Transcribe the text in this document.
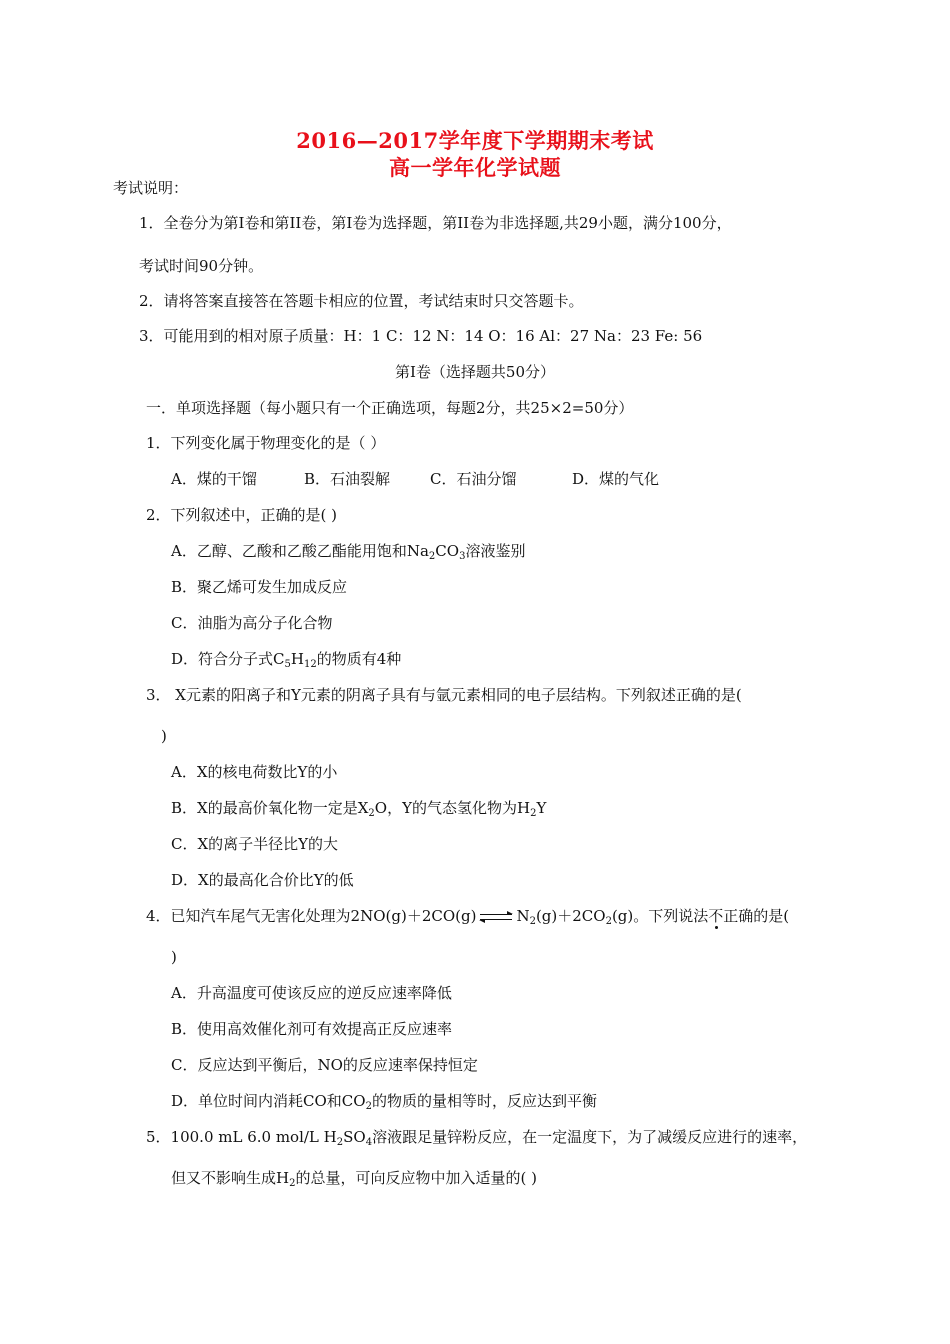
2016—2017学年度下学期期末考试
高一学年化学试题
考试说明：
1．全卷分为第Ⅰ卷和第II卷，第Ⅰ卷为选择题，第II卷为非选择题,共29小题，满分100分，
考试时间90分钟。
2．请将答案直接答在答题卡相应的位置，考试结束时只交答题卡。
3．可能用到的相对原子质量：H：1 C：12 N：14 O：16 Al：27 Na：23 Fe: 56
第Ⅰ卷（选择题共50分）
一．单项选择题（每小题只有一个正确选项，每题2分，共25×2=50分）
1．下列变化属于物理变化的是（ ）
A．煤的干馏	B．石油裂解	C．石油分馏	D．煤的气化
2．下列叙述中，正确的是( )
A．乙醇、乙酸和乙酸乙酯能用饱和$Na_2CO_3$溶液鉴别
B．聚乙烯可发生加成反应
C．油脂为高分子化合物
D．符合分子式$C_5H_{12}$的物质有4种
3． X元素的阳离子和Y元素的阴离子具有与氩元素相同的电子层结构。下列叙述正确的是(
)
A．X的核电荷数比Y的小
B．X的最高价氧化物一定是$X_2O$，Y的气态氢化物为$H_2Y$
C．X的离子半径比Y的大
D．X的最高化合价比Y的低
4．已知汽车尾气无害化处理为2NO(g)＋2CO(g)	$N_2(g)+2CO_2(g)$。下列说法不正确的是(
)
A．升高温度可使该反应的逆反应速率降低
B．使用高效催化剂可有效提高正反应速率
C．反应达到平衡后，NO的反应速率保持恒定
D．单位时间内消耗CO和$CO_2$的物质的量相等时，反应达到平衡
5．100.0 mL 6.0 mol/L $H_2SO_4$溶液跟足量锌粉反应，在一定温度下，为了减缓反应进行的速率，
但又不影响生成$H_2$的总量，可向反应物中加入适量的( )
